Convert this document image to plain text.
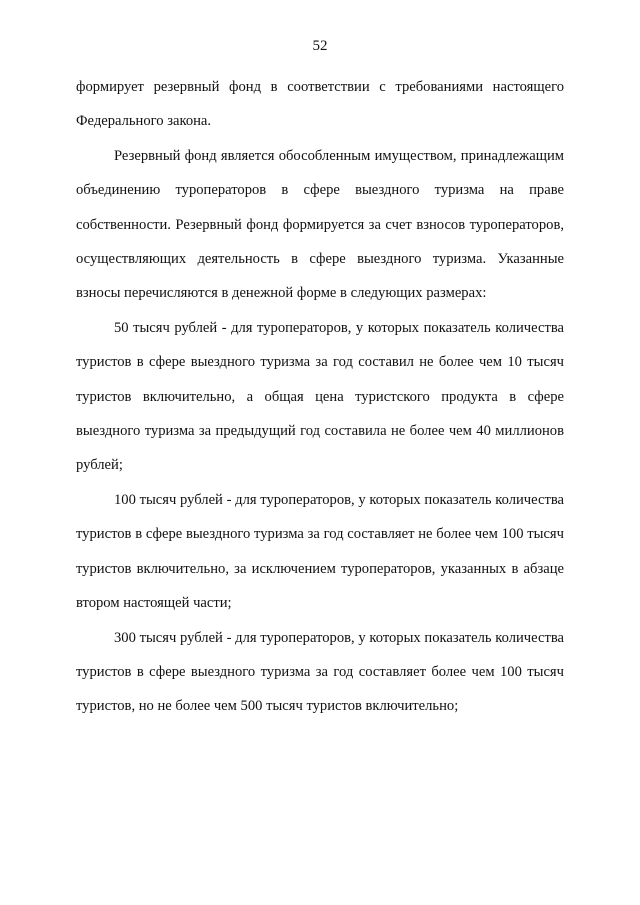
52

формирует резервный фонд в соответствии с требованиями настоящего Федерального закона.

Резервный фонд является обособленным имуществом, принадлежащим объединению туроператоров в сфере выездного туризма на праве собственности. Резервный фонд формируется за счет взносов туроператоров, осуществляющих деятельность в сфере выездного туризма. Указанные взносы перечисляются в денежной форме в следующих размерах:

50 тысяч рублей - для туроператоров, у которых показатель количества туристов в сфере выездного туризма за год составил не более чем 10 тысяч туристов включительно, а общая цена туристского продукта в сфере выездного туризма за предыдущий год составила не более чем 40 миллионов рублей;

100 тысяч рублей - для туроператоров, у которых показатель количества туристов в сфере выездного туризма за год составляет не более чем 100 тысяч туристов включительно, за исключением туроператоров, указанных в абзаце втором настоящей части;

300 тысяч рублей - для туроператоров, у которых показатель количества туристов в сфере выездного туризма за год составляет более чем 100 тысяч туристов, но не более чем 500 тысяч туристов включительно;
